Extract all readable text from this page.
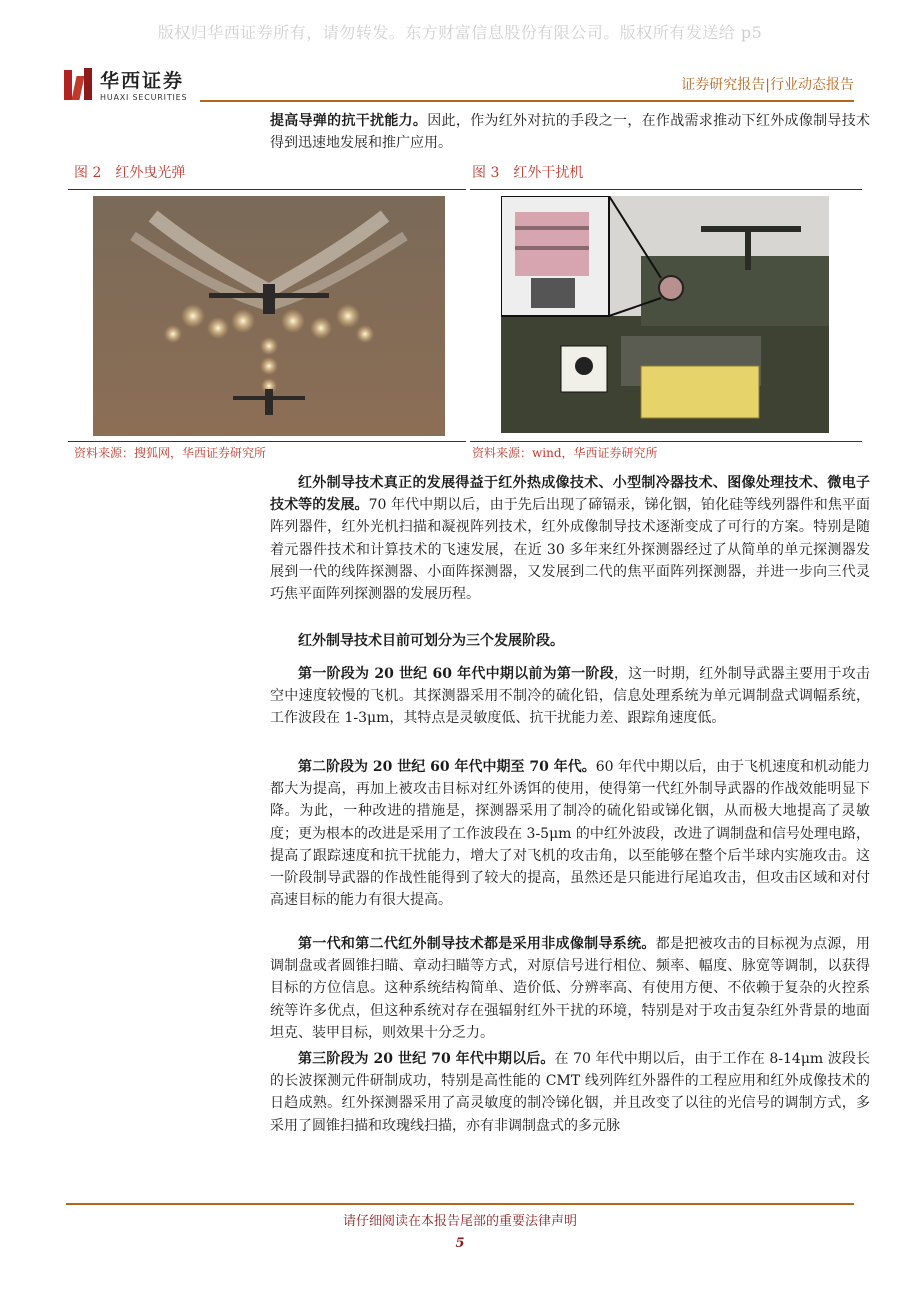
版权归华西证券所有，请勿转发。东方财富信息股份有限公司。版权所有发送给 p5
华西证券
HUAXI SECURITIES
证券研究报告|行业动态报告

提高导弹的抗干扰能力。因此，作为红外对抗的手段之一，在作战需求推动下红外成像制导技术得到迅速地发展和推广应用。

图 2　红外曳光弹
资料来源：搜狐网，华西证券研究所
图 3　红外干扰机
资料来源：wind，华西证券研究所

红外制导技术真正的发展得益于红外热成像技术、小型制冷器技术、图像处理技术、微电子技术等的发展。70 年代中期以后，由于先后出现了碲镉汞，锑化铟，铂化硅等线列器件和焦平面阵列器件，红外光机扫描和凝视阵列技术，红外成像制导技术逐渐变成了可行的方案。特别是随着元器件技术和计算技术的飞速发展，在近 30 多年来红外探测器经过了从简单的单元探测器发展到一代的线阵探测器、小面阵探测器，又发展到二代的焦平面阵列探测器，并进一步向三代灵巧焦平面阵列探测器的发展历程。

红外制导技术目前可划分为三个发展阶段。

第一阶段为 20 世纪 60 年代中期以前为第一阶段，这一时期，红外制导武器主要用于攻击空中速度较慢的飞机。其探测器采用不制冷的硫化铅，信息处理系统为单元调制盘式调幅系统，工作波段在 1-3μm，其特点是灵敏度低、抗干扰能力差、跟踪角速度低。

第二阶段为 20 世纪 60 年代中期至 70 年代。60 年代中期以后，由于飞机速度和机动能力都大为提高，再加上被攻击目标对红外诱饵的使用，使得第一代红外制导武器的作战效能明显下降。为此，一种改进的措施是，探测器采用了制冷的硫化铅或锑化铟，从而极大地提高了灵敏度；更为根本的改进是采用了工作波段在 3-5μm 的中红外波段，改进了调制盘和信号处理电路，提高了跟踪速度和抗干扰能力，增大了对飞机的攻击角，以至能够在整个后半球内实施攻击。这一阶段制导武器的作战性能得到了较大的提高，虽然还是只能进行尾追攻击，但攻击区域和对付高速目标的能力有很大提高。

第一代和第二代红外制导技术都是采用非成像制导系统。都是把被攻击的目标视为点源，用调制盘或者圆锥扫瞄、章动扫瞄等方式，对原信号进行相位、频率、幅度、脉宽等调制，以获得目标的方位信息。这种系统结构简单、造价低、分辨率高、有使用方便、不依赖于复杂的火控系统等许多优点，但这种系统对存在强辐射红外干扰的环境，特别是对于攻击复杂红外背景的地面坦克、装甲目标，则效果十分乏力。

第三阶段为 20 世纪 70 年代中期以后。在 70 年代中期以后，由于工作在 8-14μm 波段长的长波探测元件研制成功，特别是高性能的 CMT 线列阵红外器件的工程应用和红外成像技术的日趋成熟。红外探测器采用了高灵敏度的制冷锑化铟，并且改变了以往的光信号的调制方式，多采用了圆锥扫描和玫瑰线扫描，亦有非调制盘式的多元脉

请仔细阅读在本报告尾部的重要法律声明
5
